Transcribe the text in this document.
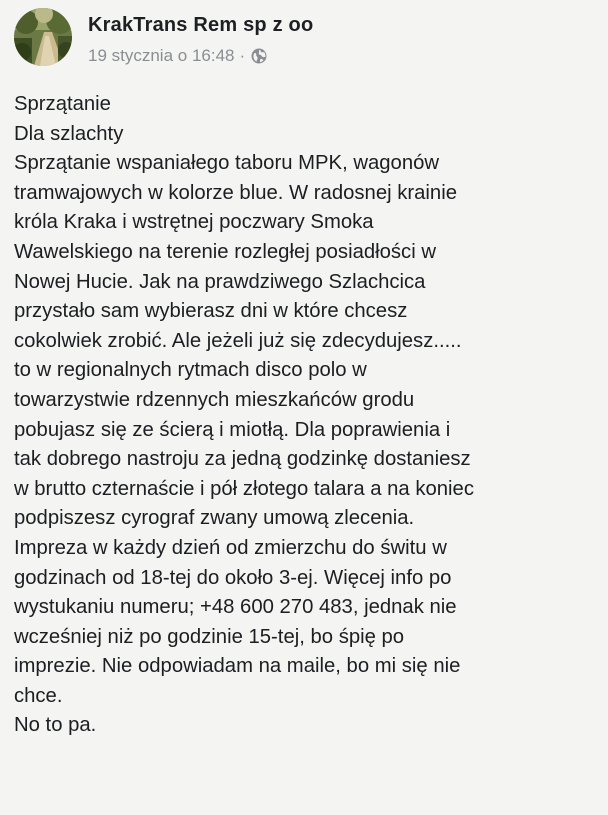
KrakTrans Rem sp z oo
19 stycznia o 16:48 ·
Sprzątanie
Dla szlachty
Sprzątanie wspaniałego taboru MPK, wagonów
tramwajowych w kolorze blue. W radosnej krainie
króla Kraka i wstrętnej poczwary Smoka
Wawelskiego na terenie rozległej posiadłości w
Nowej Hucie. Jak na prawdziwego Szlachcica
przystało sam wybierasz dni w które chcesz
cokolwiek zrobić. Ale jeżeli już się zdecydujesz.....
to w regionalnych rytmach disco polo w
towarzystwie rdzennych mieszkańców grodu
pobujasz się ze ścierą i miotłą. Dla poprawienia i
tak dobrego nastroju za jedną godzinkę dostaniesz
w brutto czternaście i pół złotego talara a na koniec
podpiszesz cyrograf zwany umową zlecenia.
Impreza w każdy dzień od zmierzchu do świtu w
godzinach od 18-tej do około 3-ej. Więcej info po
wystukaniu numeru; +48 600 270 483, jednak nie
wcześniej niż po godzinie 15-tej, bo śpię po
imprezie. Nie odpowiadam na maile, bo mi się nie
chce.
No to pa.
